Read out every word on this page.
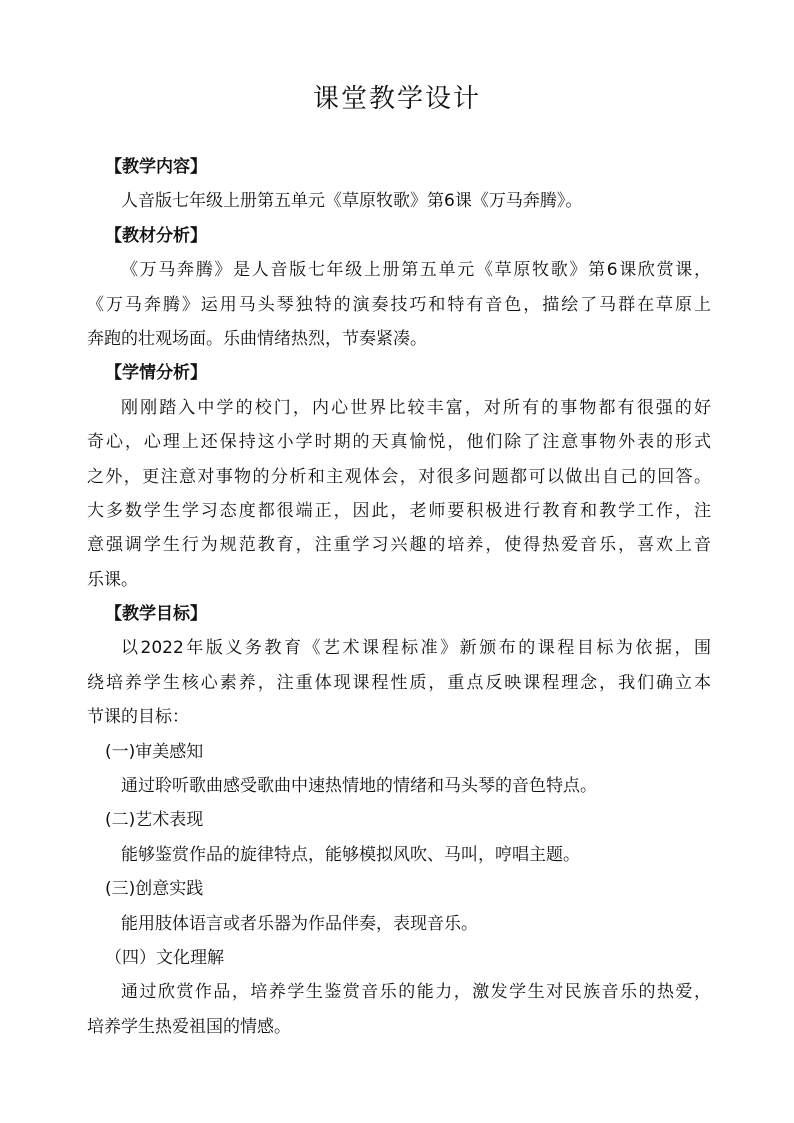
课堂教学设计
【教学内容】
人音版七年级上册第五单元《草原牧歌》第6课《万马奔腾》。
【教材分析】
《万马奔腾》是人音版七年级上册第五单元《草原牧歌》第6课欣赏课，
《万马奔腾》运用马头琴独特的演奏技巧和特有音色，描绘了马群在草原上
奔跑的壮观场面。乐曲情绪热烈，节奏紧凑。
【学情分析】
刚刚踏入中学的校门，内心世界比较丰富，对所有的事物都有很强的好
奇心，心理上还保持这小学时期的天真愉悦，他们除了注意事物外表的形式
之外，更注意对事物的分析和主观体会，对很多问题都可以做出自己的回答。
大多数学生学习态度都很端正，因此，老师要积极进行教育和教学工作，注
意强调学生行为规范教育，注重学习兴趣的培养，使得热爱音乐，喜欢上音
乐课。
【教学目标】
以2022年版义务教育《艺术课程标准》新颁布的课程目标为依据，围
绕培养学生核心素养，注重体现课程性质，重点反映课程理念，我们确立本
节课的目标：
(一)审美感知
通过聆听歌曲感受歌曲中速热情地的情绪和马头琴的音色特点。
(二)艺术表现
能够鉴赏作品的旋律特点，能够模拟风吹、马叫，哼唱主题。
(三)创意实践
能用肢体语言或者乐器为作品伴奏，表现音乐。
（四）文化理解
通过欣赏作品，培养学生鉴赏音乐的能力，激发学生对民族音乐的热爱，
培养学生热爱祖国的情感。
